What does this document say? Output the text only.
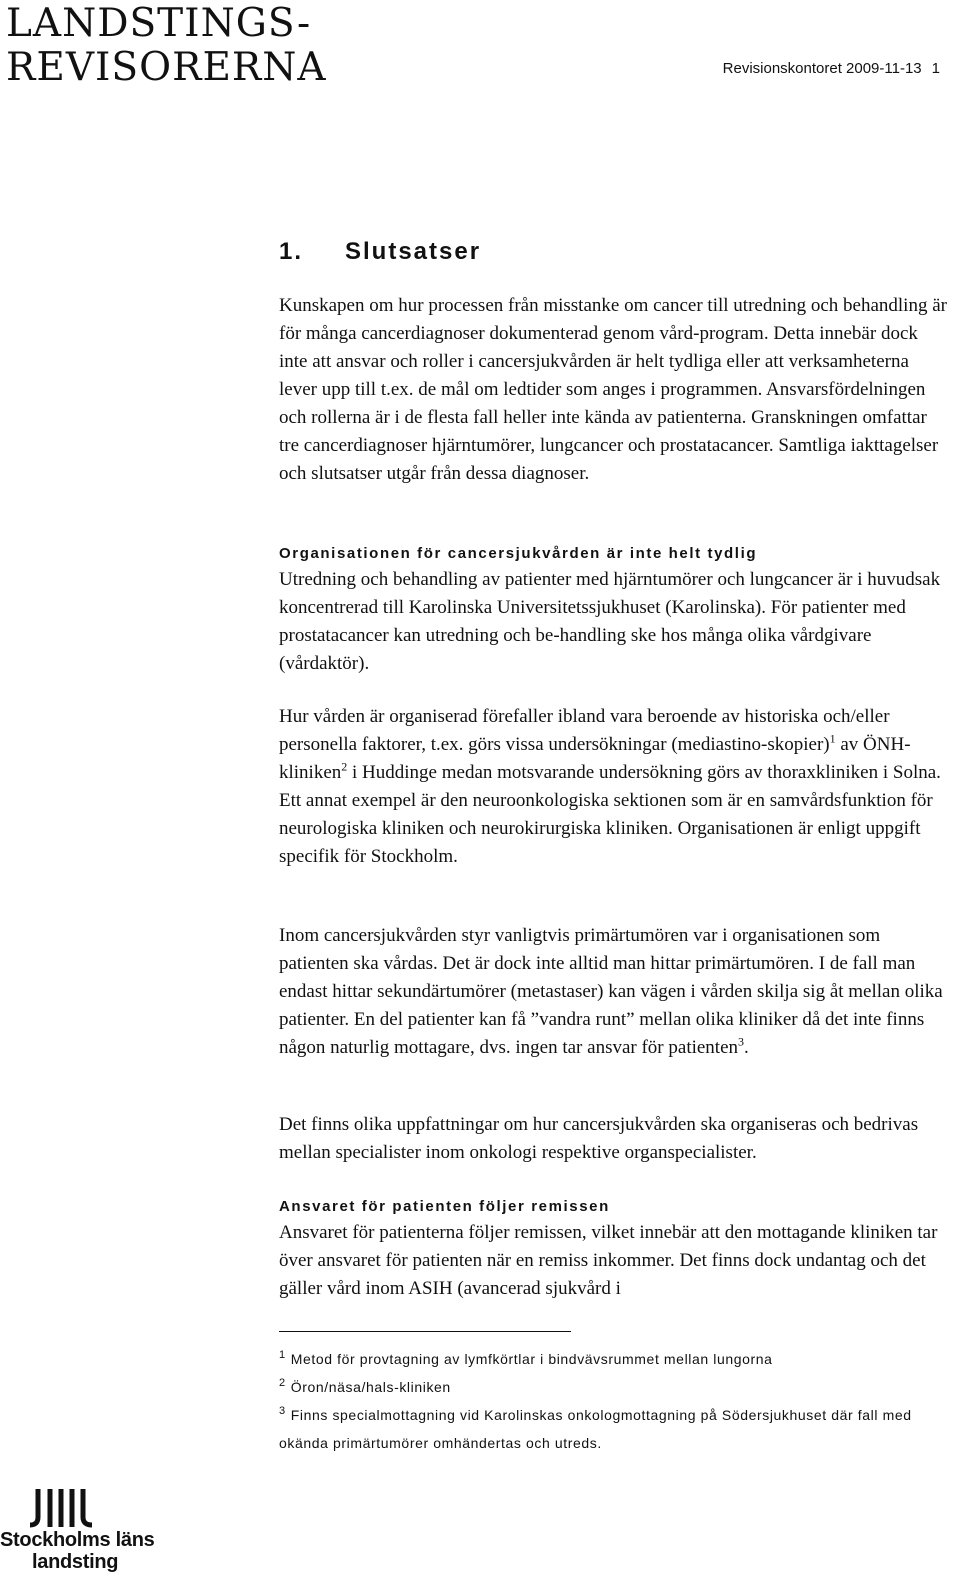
LANDSTINGS-
REVISORERNA	Revisionskontoret 2009-11-13 1
1. Slutsatser

Kunskapen om hur processen från misstanke om cancer till utredning och behandling är för många cancerdiagnoser dokumenterad genom vård-program. Detta innebär dock inte att ansvar och roller i cancersjukvården är helt tydliga eller att verksamheterna lever upp till t.ex. de mål om ledtider som anges i programmen. Ansvarsfördelningen och rollerna är i de flesta fall heller inte kända av patienterna. Granskningen omfattar tre cancerdiagnoser hjärntumörer, lungcancer och prostatacancer. Samtliga iakttagelser och slutsatser utgår från dessa diagnoser.

Organisationen för cancersjukvården är inte helt tydlig

Utredning och behandling av patienter med hjärntumörer och lungcancer är i huvudsak koncentrerad till Karolinska Universitetssjukhuset (Karolinska). För patienter med prostatacancer kan utredning och be-handling ske hos många olika vårdgivare (vårdaktör).

Hur vården är organiserad förefaller ibland vara beroende av historiska och/eller personella faktorer, t.ex. görs vissa undersökningar (mediastino-skopier)$^1$ av ÖNH-kliniken$^2$ i Huddinge medan motsvarande undersökning görs av thoraxkliniken i Solna. Ett annat exempel är den neuroonkologiska sektionen som är en samvårdsfunktion för neurologiska kliniken och neurokirurgiska kliniken. Organisationen är enligt uppgift specifik för Stockholm.

Inom cancersjukvården styr vanligtvis primärtumören var i organisationen som patienten ska vårdas. Det är dock inte alltid man hittar primärtumören. I de fall man endast hittar sekundärtumörer (metastaser) kan vägen i vården skilja sig åt mellan olika patienter. En del patienter kan få ”vandra runt” mellan olika kliniker då det inte finns någon naturlig mottagare, dvs. ingen tar ansvar för patienten$^3$.

Det finns olika uppfattningar om hur cancersjukvården ska organiseras och bedrivas mellan specialister inom onkologi respektive organspecialister.

Ansvaret för patienten följer remissen

Ansvaret för patienterna följer remissen, vilket innebär att den mottagande kliniken tar över ansvaret för patienten när en remiss inkommer. Det finns dock undantag och det gäller vård inom ASIH (avancerad sjukvård i

$^1$ Metod för provtagning av lymfkörtlar i bindvävsrummet mellan lungorna
$^2$ Öron/näsa/hals-kliniken
$^3$ Finns specialmottagning vid Karolinskas onkologmottagning på Södersjukhuset där fall med okända primärtumörer omhändertas och utreds.
Stockholms läns
landsting
